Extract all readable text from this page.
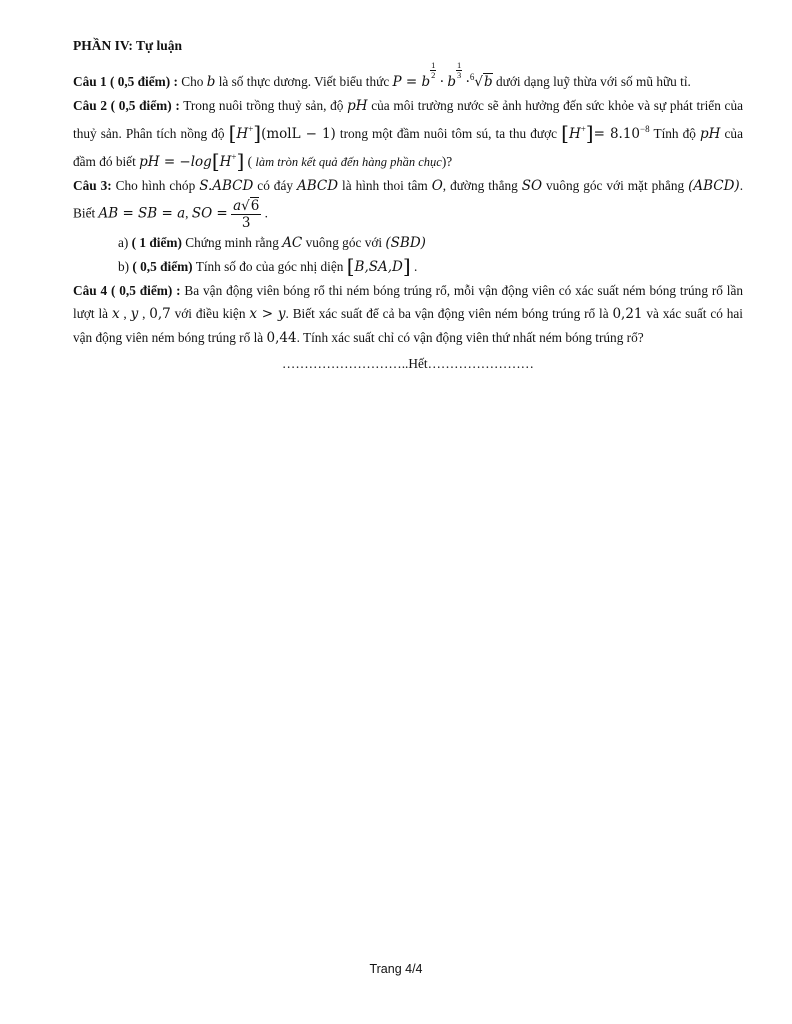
PHẦN IV: Tự luận

Câu 1 ( 0,5 điểm) : Cho b là số thực dương. Viết biểu thức P = b
$\frac{1}{2}$
· b
$\frac{1}{3}$
·$^6$√b dưới dạng luỹ thừa với số mũ hữu tỉ.

Câu 2 ( 0,5 điểm) : Trong nuôi trồng thuỷ sản, độ pH của môi trường nước sẽ ảnh hưởng đến sức khỏe và sự phát triển của thuỷ sản. Phân tích nồng độ [H+](molL − 1) trong một đầm nuôi tôm sú, ta thu được $[H^+]= 8.10^{-8}$ Tính độ pH của đầm đó biết pH = −log[H+] ( làm tròn kết quả đến hàng phần chục)?

Câu 3: Cho hình chóp S.ABCD có đáy ABCD là hình thoi tâm O, đường thẳng SO vuông góc với mặt phẳng (ABCD). Biết AB = SB = a, SO = $\frac{a√6}{3}$ .

a) ( 1 điểm) Chứng minh rằng AC vuông góc với (SBD)

b) ( 0,5 điểm) Tính số đo của góc nhị diện [B,SA,D] .

Câu 4 ( 0,5 điểm) : Ba vận động viên bóng rổ thi ném bóng trúng rổ, mỗi vận động viên có xác suất ném bóng trúng rổ lần lượt là x , y , 0,7 với điều kiện x > y. Biết xác suất để cả ba vận động viên ném bóng trúng rổ là 0,21 và xác suất có hai vận động viên ném bóng trúng rổ là 0,44. Tính xác suất chỉ có vận động viên thứ nhất ném bóng trúng rổ?

………………………..Hết……………………

Trang 4/4
